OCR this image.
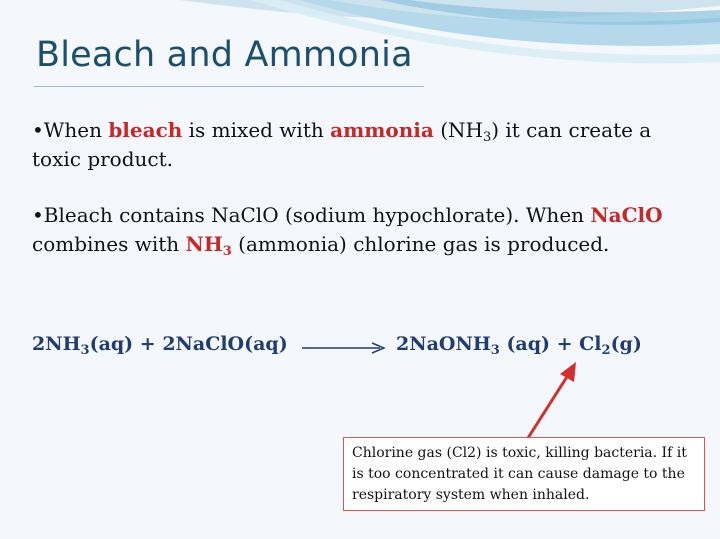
Bleach and Ammonia
•When bleach is mixed with ammonia $(NH_3)$ it can create a toxic product.
•Bleach contains NaClO (sodium hypochlorate). When NaClO combines with $NH_3$ (ammonia) chlorine gas is produced.
$2NH_3(aq)$ + 2NaClO(aq)	2NaONH$_3$ $(aq) + Cl_2(g)$
Chlorine gas (Cl2) is toxic, killing bacteria. If it is too concentrated it can cause damage to the respiratory system when inhaled.
